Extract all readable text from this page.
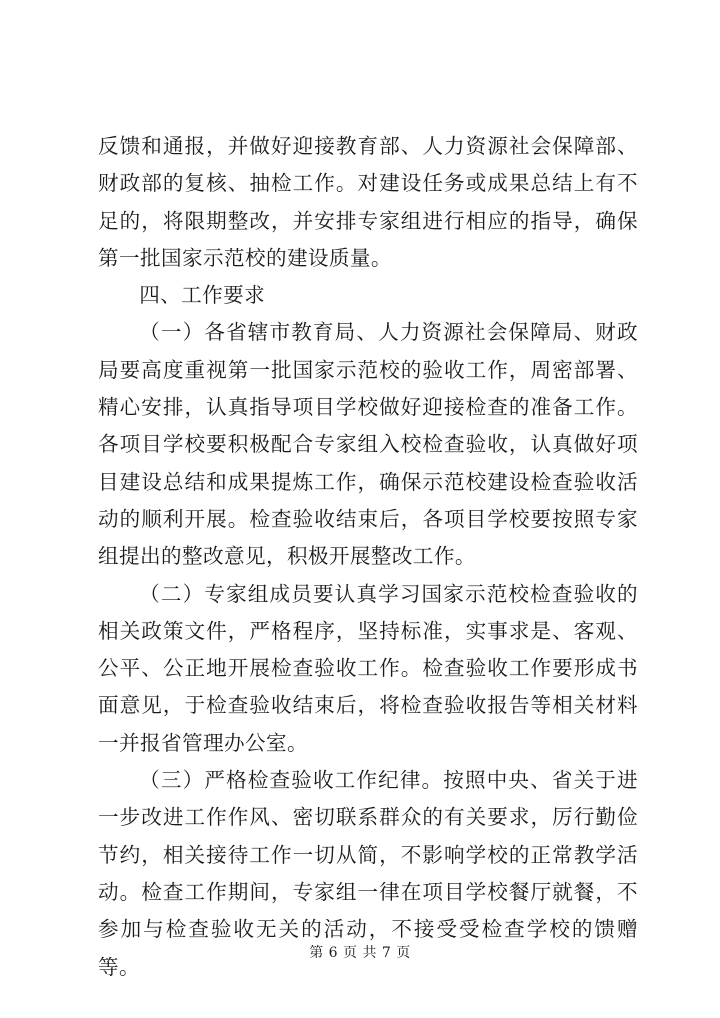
反馈和通报，并做好迎接教育部、人力资源社会保障部、财政部的复核、抽检工作。对建设任务或成果总结上有不足的，将限期整改，并安排专家组进行相应的指导，确保第一批国家示范校的建设质量。

四、工作要求

（一）各省辖市教育局、人力资源社会保障局、财政局要高度重视第一批国家示范校的验收工作，周密部署、精心安排，认真指导项目学校做好迎接检查的准备工作。各项目学校要积极配合专家组入校检查验收，认真做好项目建设总结和成果提炼工作，确保示范校建设检查验收活动的顺利开展。检查验收结束后，各项目学校要按照专家组提出的整改意见，积极开展整改工作。

（二）专家组成员要认真学习国家示范校检查验收的相关政策文件，严格程序，坚持标准，实事求是、客观、公平、公正地开展检查验收工作。检查验收工作要形成书面意见，于检查验收结束后，将检查验收报告等相关材料一并报省管理办公室。

（三）严格检查验收工作纪律。按照中央、省关于进一步改进工作作风、密切联系群众的有关要求，厉行勤俭节约，相关接待工作一切从简，不影响学校的正常教学活动。检查工作期间，专家组一律在项目学校餐厅就餐，不参加与检查验收无关的活动，不接受受检查学校的馈赠等。

第 6 页 共 7 页
